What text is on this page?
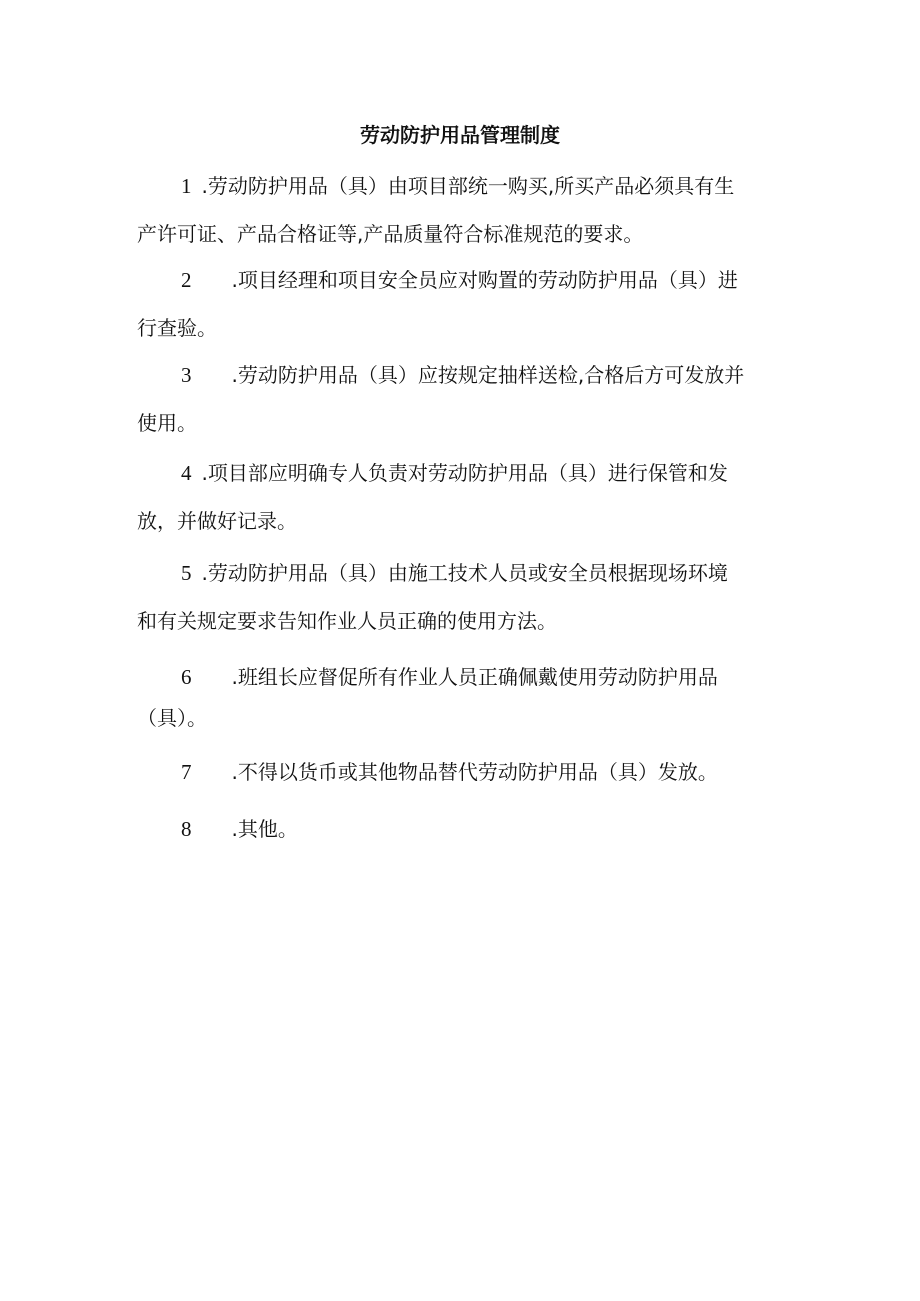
劳动防护用品管理制度
1 .劳动防护用品（具）由项目部统一购买,所买产品必须具有生
产许可证、产品合格证等,产品质量符合标准规范的要求。
2 .项目经理和项目安全员应对购置的劳动防护用品（具）进
行查验。
3 .劳动防护用品（具）应按规定抽样送检,合格后方可发放并
使用。
4 .项目部应明确专人负责对劳动防护用品（具）进行保管和发
放，并做好记录。
5 .劳动防护用品（具）由施工技术人员或安全员根据现场环境
和有关规定要求告知作业人员正确的使用方法。
6 .班组长应督促所有作业人员正确佩戴使用劳动防护用品
（具）。
7 .不得以货币或其他物品替代劳动防护用品（具）发放。
8 .其他。
